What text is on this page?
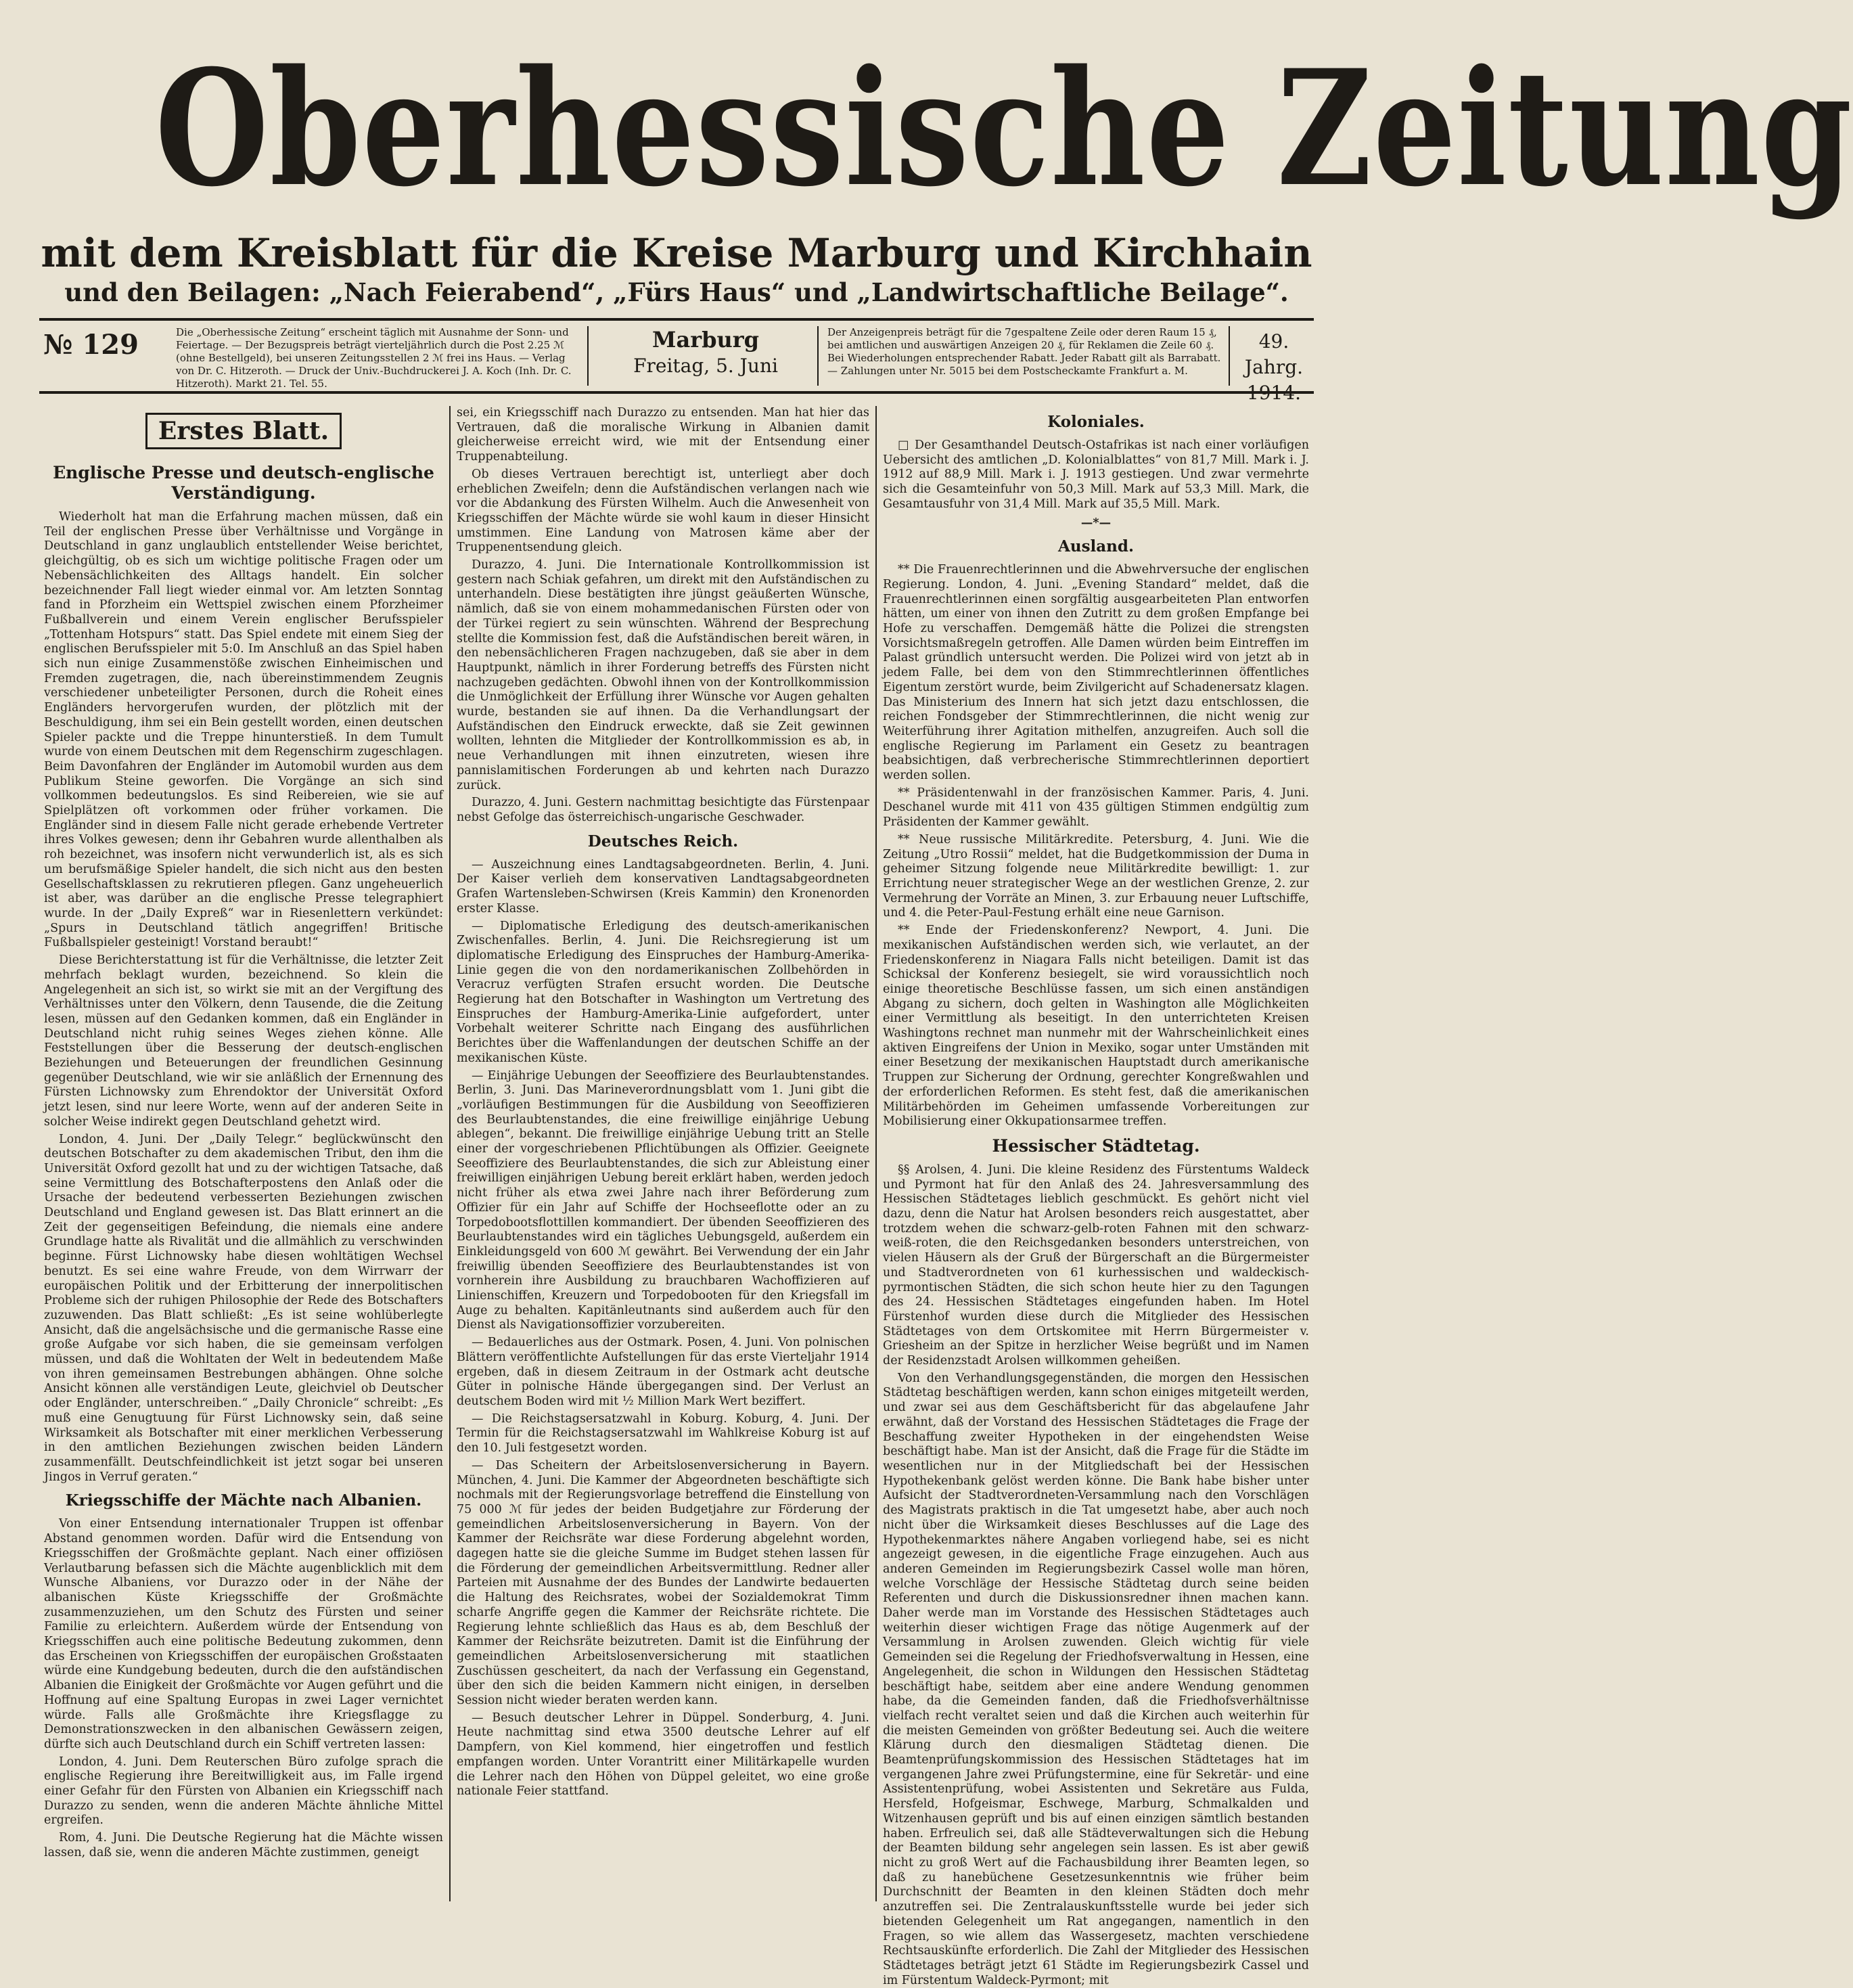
Oberhessische Zeitung
mit dem Kreisblatt für die Kreise Marburg und Kirchhain
und den Beilagen: „Nach Feierabend“, „Fürs Haus“ und „Landwirtschaftliche Beilage“.
№ 129	Die „Oberhessische Zeitung“ erscheint täglich mit Ausnahme der Sonn- und Feiertage. — Der Bezugspreis beträgt vierteljährlich durch die Post 2.25 ℳ (ohne Bestellgeld), bei unseren Zeitungsstellen 2 ℳ frei ins Haus. — Verlag von Dr. C. Hitzeroth. — Druck der Univ.-Buchdruckerei J. A. Koch (Inh. Dr. C. Hitzeroth). Markt 21. Tel. 55.
Marburg
Freitag, 5. Juni
Der Anzeigenpreis beträgt für die 7gespaltene Zeile oder deren Raum 15 ₰, bei amtlichen und auswärtigen Anzeigen 20 ₰, für Reklamen die Zeile 60 ₰. Bei Wiederholungen entsprechender Rabatt. Jeder Rabatt gilt als Barrabatt. — Zahlungen unter Nr. 5015 bei dem Postscheckamte Frankfurt a. M.
49. Jahrg.
1914.
Erstes Blatt.
Englische Presse und deutsch-englische Verständigung.

Wiederholt hat man die Erfahrung machen müssen, daß ein Teil der englischen Presse über Verhältnisse und Vorgänge in Deutschland in ganz unglaublich entstellender Weise berichtet, gleichgültig, ob es sich um wichtige politische Fragen oder um Nebensächlichkeiten des Alltags handelt. Ein solcher bezeichnender Fall liegt wieder einmal vor. Am letzten Sonntag fand in Pforzheim ein Wettspiel zwischen einem Pforzheimer Fußballverein und einem Verein englischer Berufsspieler „Tottenham Hotspurs“ statt. Das Spiel endete mit einem Sieg der englischen Berufsspieler mit 5:0. Im Anschluß an das Spiel haben sich nun einige Zusammenstöße zwischen Einheimischen und Fremden zugetragen, die, nach übereinstimmendem Zeugnis verschiedener unbeteiligter Personen, durch die Roheit eines Engländers hervorgerufen wurden, der plötzlich mit der Beschuldigung, ihm sei ein Bein gestellt worden, einen deutschen Spieler packte und die Treppe hinunterstieß. In dem Tumult wurde von einem Deutschen mit dem Regenschirm zugeschlagen. Beim Davonfahren der Engländer im Automobil wurden aus dem Publikum Steine geworfen. Die Vorgänge an sich sind vollkommen bedeutungslos. Es sind Reibereien, wie sie auf Spielplätzen oft vorkommen oder früher vorkamen. Die Engländer sind in diesem Falle nicht gerade erhebende Vertreter ihres Volkes gewesen; denn ihr Gebahren wurde allenthalben als roh bezeichnet, was insofern nicht verwunderlich ist, als es sich um berufsmäßige Spieler handelt, die sich nicht aus den besten Gesellschaftsklassen zu rekrutieren pflegen. Ganz ungeheuerlich ist aber, was darüber an die englische Presse telegraphiert wurde. In der „Daily Expreß“ war in Riesenlettern verkündet: „Spurs in Deutschland tätlich angegriffen! Britische Fußballspieler gesteinigt! Vorstand beraubt!“

Diese Berichterstattung ist für die Verhältnisse, die letzter Zeit mehrfach beklagt wurden, bezeichnend. So klein die Angelegenheit an sich ist, so wirkt sie mit an der Vergiftung des Verhältnisses unter den Völkern, denn Tausende, die die Zeitung lesen, müssen auf den Gedanken kommen, daß ein Engländer in Deutschland nicht ruhig seines Weges ziehen könne. Alle Feststellungen über die Besserung der deutsch-englischen Beziehungen und Beteuerungen der freundlichen Gesinnung gegenüber Deutschland, wie wir sie anläßlich der Ernennung des Fürsten Lichnowsky zum Ehrendoktor der Universität Oxford jetzt lesen, sind nur leere Worte, wenn auf der anderen Seite in solcher Weise indirekt gegen Deutschland gehetzt wird.

London, 4. Juni. Der „Daily Telegr.“ beglückwünscht den deutschen Botschafter zu dem akademischen Tribut, den ihm die Universität Oxford gezollt hat und zu der wichtigen Tatsache, daß seine Vermittlung des Botschafterpostens den Anlaß oder die Ursache der bedeutend verbesserten Beziehungen zwischen Deutschland und England gewesen ist. Das Blatt erinnert an die Zeit der gegenseitigen Befeindung, die niemals eine andere Grundlage hatte als Rivalität und die allmählich zu verschwinden beginne. Fürst Lichnowsky habe diesen wohltätigen Wechsel benutzt. Es sei eine wahre Freude, von dem Wirrwarr der europäischen Politik und der Erbitterung der innerpolitischen Probleme sich der ruhigen Philosophie der Rede des Botschafters zuzuwenden. Das Blatt schließt: „Es ist seine wohlüberlegte Ansicht, daß die angelsächsische und die germanische Rasse eine große Aufgabe vor sich haben, die sie gemeinsam verfolgen müssen, und daß die Wohltaten der Welt in bedeutendem Maße von ihren gemeinsamen Bestrebungen abhängen. Ohne solche Ansicht können alle verständigen Leute, gleichviel ob Deutscher oder Engländer, unterschreiben.“ „Daily Chronicle“ schreibt: „Es muß eine Genugtuung für Fürst Lichnowsky sein, daß seine Wirksamkeit als Botschafter mit einer merklichen Verbesserung in den amtlichen Beziehungen zwischen beiden Ländern zusammenfällt. Deutschfeindlichkeit ist jetzt sogar bei unseren Jingos in Verruf geraten.“

Kriegsschiffe der Mächte nach Albanien.

Von einer Entsendung internationaler Truppen ist offenbar Abstand genommen worden. Dafür wird die Entsendung von Kriegsschiffen der Großmächte geplant. Nach einer offiziösen Verlautbarung befassen sich die Mächte augenblicklich mit dem Wunsche Albaniens, vor Durazzo oder in der Nähe der albanischen Küste Kriegsschiffe der Großmächte zusammenzuziehen, um den Schutz des Fürsten und seiner Familie zu erleichtern. Außerdem würde der Entsendung von Kriegsschiffen auch eine politische Bedeutung zukommen, denn das Erscheinen von Kriegsschiffen der europäischen Großstaaten würde eine Kundgebung bedeuten, durch die den aufständischen Albanien die Einigkeit der Großmächte vor Augen geführt und die Hoffnung auf eine Spaltung Europas in zwei Lager vernichtet würde. Falls alle Großmächte ihre Kriegsflagge zu Demonstrationszwecken in den albanischen Gewässern zeigen, dürfte sich auch Deutschland durch ein Schiff vertreten lassen:

London, 4. Juni. Dem Reuterschen Büro zufolge sprach die englische Regierung ihre Bereitwilligkeit aus, im Falle irgend einer Gefahr für den Fürsten von Albanien ein Kriegsschiff nach Durazzo zu senden, wenn die anderen Mächte ähnliche Mittel ergreifen.

Rom, 4. Juni. Die Deutsche Regierung hat die Mächte wissen lassen, daß sie, wenn die anderen Mächte zustimmen, geneigt

sei, ein Kriegsschiff nach Durazzo zu entsenden. Man hat hier das Vertrauen, daß die moralische Wirkung in Albanien damit gleicherweise erreicht wird, wie mit der Entsendung einer Truppenabteilung.

Ob dieses Vertrauen berechtigt ist, unterliegt aber doch erheblichen Zweifeln; denn die Aufständischen verlangen nach wie vor die Abdankung des Fürsten Wilhelm. Auch die Anwesenheit von Kriegsschiffen der Mächte würde sie wohl kaum in dieser Hinsicht umstimmen. Eine Landung von Matrosen käme aber der Truppenentsendung gleich.

Durazzo, 4. Juni. Die Internationale Kontrollkommission ist gestern nach Schiak gefahren, um direkt mit den Aufständischen zu unterhandeln. Diese bestätigten ihre jüngst geäußerten Wünsche, nämlich, daß sie von einem mohammedanischen Fürsten oder von der Türkei regiert zu sein wünschten. Während der Besprechung stellte die Kommission fest, daß die Aufständischen bereit wären, in den nebensächlicheren Fragen nachzugeben, daß sie aber in dem Hauptpunkt, nämlich in ihrer Forderung betreffs des Fürsten nicht nachzugeben gedächten. Obwohl ihnen von der Kontrollkommission die Unmöglichkeit der Erfüllung ihrer Wünsche vor Augen gehalten wurde, bestanden sie auf ihnen. Da die Verhandlungsart der Aufständischen den Eindruck erweckte, daß sie Zeit gewinnen wollten, lehnten die Mitglieder der Kontrollkommission es ab, in neue Verhandlungen mit ihnen einzutreten, wiesen ihre pannislamitischen Forderungen ab und kehrten nach Durazzo zurück.

Durazzo, 4. Juni. Gestern nachmittag besichtigte das Fürstenpaar nebst Gefolge das österreichisch-ungarische Geschwader.

Deutsches Reich.

— Auszeichnung eines Landtagsabgeordneten. Berlin, 4. Juni. Der Kaiser verlieh dem konservativen Landtagsabgeordneten Grafen Wartensleben-Schwirsen (Kreis Kammin) den Kronenorden erster Klasse.

— Diplomatische Erledigung des deutsch-amerikanischen Zwischenfalles. Berlin, 4. Juni. Die Reichsregierung ist um diplomatische Erledigung des Einspruches der Hamburg-Amerika-Linie gegen die von den nordamerikanischen Zollbehörden in Veracruz verfügten Strafen ersucht worden. Die Deutsche Regierung hat den Botschafter in Washington um Vertretung des Einspruches der Hamburg-Amerika-Linie aufgefordert, unter Vorbehalt weiterer Schritte nach Eingang des ausführlichen Berichtes über die Waffenlandungen der deutschen Schiffe an der mexikanischen Küste.

— Einjährige Uebungen der Seeoffiziere des Beurlaubtenstandes. Berlin, 3. Juni. Das Marineverordnungsblatt vom 1. Juni gibt die „vorläufigen Bestimmungen für die Ausbildung von Seeoffizieren des Beurlaubtenstandes, die eine freiwillige einjährige Uebung ablegen“, bekannt. Die freiwillige einjährige Uebung tritt an Stelle einer der vorgeschriebenen Pflichtübungen als Offizier. Geeignete Seeoffiziere des Beurlaubtenstandes, die sich zur Ableistung einer freiwilligen einjährigen Uebung bereit erklärt haben, werden jedoch nicht früher als etwa zwei Jahre nach ihrer Beförderung zum Offizier für ein Jahr auf Schiffe der Hochseeflotte oder an zu Torpedobootsflottillen kommandiert. Der übenden Seeoffizieren des Beurlaubtenstandes wird ein tägliches Uebungsgeld, außerdem ein Einkleidungsgeld von 600 ℳ gewährt. Bei Verwendung der ein Jahr freiwillig übenden Seeoffiziere des Beurlaubtenstandes ist von vornherein ihre Ausbildung zu brauchbaren Wachoffizieren auf Linienschiffen, Kreuzern und Torpedobooten für den Kriegsfall im Auge zu behalten. Kapitänleutnants sind außerdem auch für den Dienst als Navigationsoffizier vorzubereiten.

— Bedauerliches aus der Ostmark. Posen, 4. Juni. Von polnischen Blättern veröffentlichte Aufstellungen für das erste Vierteljahr 1914 ergeben, daß in diesem Zeitraum in der Ostmark acht deutsche Güter in polnische Hände übergegangen sind. Der Verlust an deutschem Boden wird mit ½ Million Mark Wert beziffert.

— Die Reichstagsersatzwahl in Koburg. Koburg, 4. Juni. Der Termin für die Reichstagsersatzwahl im Wahlkreise Koburg ist auf den 10. Juli festgesetzt worden.

— Das Scheitern der Arbeitslosenversicherung in Bayern. München, 4. Juni. Die Kammer der Abgeordneten beschäftigte sich nochmals mit der Regierungsvorlage betreffend die Einstellung von 75 000 ℳ für jedes der beiden Budgetjahre zur Förderung der gemeindlichen Arbeitslosenversicherung in Bayern. Von der Kammer der Reichsräte war diese Forderung abgelehnt worden, dagegen hatte sie die gleiche Summe im Budget stehen lassen für die Förderung der gemeindlichen Arbeitsvermittlung. Redner aller Parteien mit Ausnahme der des Bundes der Landwirte bedauerten die Haltung des Reichsrates, wobei der Sozialdemokrat Timm scharfe Angriffe gegen die Kammer der Reichsräte richtete. Die Regierung lehnte schließlich das Haus es ab, dem Beschluß der Kammer der Reichsräte beizutreten. Damit ist die Einführung der gemeindlichen Arbeitslosenversicherung mit staatlichen Zuschüssen gescheitert, da nach der Verfassung ein Gegenstand, über den sich die beiden Kammern nicht einigen, in derselben Session nicht wieder beraten werden kann.

— Besuch deutscher Lehrer in Düppel. Sonderburg, 4. Juni. Heute nachmittag sind etwa 3500 deutsche Lehrer auf elf Dampfern, von Kiel kommend, hier eingetroffen und festlich empfangen worden. Unter Vorantritt einer Militärkapelle wurden die Lehrer nach den Höhen von Düppel geleitet, wo eine große nationale Feier stattfand.

Koloniales.

□ Der Gesamthandel Deutsch-Ostafrikas ist nach einer vorläufigen Uebersicht des amtlichen „D. Kolonialblattes“ von 81,7 Mill. Mark i. J. 1912 auf 88,9 Mill. Mark i. J. 1913 gestiegen. Und zwar vermehrte sich die Gesamteinfuhr von 50,3 Mill. Mark auf 53,3 Mill. Mark, die Gesamtausfuhr von 31,4 Mill. Mark auf 35,5 Mill. Mark.

—*—
Ausland.

** Die Frauenrechtlerinnen und die Abwehrversuche der englischen Regierung. London, 4. Juni. „Evening Standard“ meldet, daß die Frauenrechtlerinnen einen sorgfältig ausgearbeiteten Plan entworfen hätten, um einer von ihnen den Zutritt zu dem großen Empfange bei Hofe zu verschaffen. Demgemäß hätte die Polizei die strengsten Vorsichtsmaßregeln getroffen. Alle Damen würden beim Eintreffen im Palast gründlich untersucht werden. Die Polizei wird von jetzt ab in jedem Falle, bei dem von den Stimmrechtlerinnen öffentliches Eigentum zerstört wurde, beim Zivilgericht auf Schadenersatz klagen. Das Ministerium des Innern hat sich jetzt dazu entschlossen, die reichen Fondsgeber der Stimmrechtlerinnen, die nicht wenig zur Weiterführung ihrer Agitation mithelfen, anzugreifen. Auch soll die englische Regierung im Parlament ein Gesetz zu beantragen beabsichtigen, daß verbrecherische Stimmrechtlerinnen deportiert werden sollen.

** Präsidentenwahl in der französischen Kammer. Paris, 4. Juni. Deschanel wurde mit 411 von 435 gültigen Stimmen endgültig zum Präsidenten der Kammer gewählt.

** Neue russische Militärkredite. Petersburg, 4. Juni. Wie die Zeitung „Utro Rossii“ meldet, hat die Budgetkommission der Duma in geheimer Sitzung folgende neue Militärkredite bewilligt: 1. zur Errichtung neuer strategischer Wege an der westlichen Grenze, 2. zur Vermehrung der Vorräte an Minen, 3. zur Erbauung neuer Luftschiffe, und 4. die Peter-Paul-Festung erhält eine neue Garnison.

** Ende der Friedenskonferenz? Newport, 4. Juni. Die mexikanischen Aufständischen werden sich, wie verlautet, an der Friedenskonferenz in Niagara Falls nicht beteiligen. Damit ist das Schicksal der Konferenz besiegelt, sie wird voraussichtlich noch einige theoretische Beschlüsse fassen, um sich einen anständigen Abgang zu sichern, doch gelten in Washington alle Möglichkeiten einer Vermittlung als beseitigt. In den unterrichteten Kreisen Washingtons rechnet man nunmehr mit der Wahrscheinlichkeit eines aktiven Eingreifens der Union in Mexiko, sogar unter Umständen mit einer Besetzung der mexikanischen Hauptstadt durch amerikanische Truppen zur Sicherung der Ordnung, gerechter Kongreßwahlen und der erforderlichen Reformen. Es steht fest, daß die amerikanischen Militärbehörden im Geheimen umfassende Vorbereitungen zur Mobilisierung einer Okkupationsarmee treffen.

Hessischer Städtetag.

§§ Arolsen, 4. Juni. Die kleine Residenz des Fürstentums Waldeck und Pyrmont hat für den Anlaß des 24. Jahresversammlung des Hessischen Städtetages lieblich geschmückt. Es gehört nicht viel dazu, denn die Natur hat Arolsen besonders reich ausgestattet, aber trotzdem wehen die schwarz-gelb-roten Fahnen mit den schwarz-weiß-roten, die den Reichsgedanken besonders unterstreichen, von vielen Häusern als der Gruß der Bürgerschaft an die Bürgermeister und Stadtverordneten von 61 kurhessischen und waldeckisch-pyrmontischen Städten, die sich schon heute hier zu den Tagungen des 24. Hessischen Städtetages eingefunden haben. Im Hotel Fürstenhof wurden diese durch die Mitglieder des Hessischen Städtetages von dem Ortskomitee mit Herrn Bürgermeister v. Griesheim an der Spitze in herzlicher Weise begrüßt und im Namen der Residenzstadt Arolsen willkommen geheißen.

Von den Verhandlungsgegenständen, die morgen den Hessischen Städtetag beschäftigen werden, kann schon einiges mitgeteilt werden, und zwar sei aus dem Geschäftsbericht für das abgelaufene Jahr erwähnt, daß der Vorstand des Hessischen Städtetages die Frage der Beschaffung zweiter Hypotheken in der eingehendsten Weise beschäftigt habe. Man ist der Ansicht, daß die Frage für die Städte im wesentlichen nur in der Mitgliedschaft bei der Hessischen Hypothekenbank gelöst werden könne. Die Bank habe bisher unter Aufsicht der Stadtverordneten-Versammlung nach den Vorschlägen des Magistrats praktisch in die Tat umgesetzt habe, aber auch noch nicht über die Wirksamkeit dieses Beschlusses auf die Lage des Hypothekenmarktes nähere Angaben vorliegend habe, sei es nicht angezeigt gewesen, in die eigentliche Frage einzugehen. Auch aus anderen Gemeinden im Regierungsbezirk Cassel wolle man hören, welche Vorschläge der Hessische Städtetag durch seine beiden Referenten und durch die Diskussionsredner ihnen machen kann. Daher werde man im Vorstande des Hessischen Städtetages auch weiterhin dieser wichtigen Frage das nötige Augenmerk auf der Versammlung in Arolsen zuwenden. Gleich wichtig für viele Gemeinden sei die Regelung der Friedhofsverwaltung in Hessen, eine Angelegenheit, die schon in Wildungen den Hessischen Städtetag beschäftigt habe, seitdem aber eine andere Wendung genommen habe, da die Gemeinden fanden, daß die Friedhofsverhältnisse vielfach recht veraltet seien und daß die Kirchen auch weiterhin für die meisten Gemeinden von größter Bedeutung sei. Auch die weitere Klärung durch den diesmaligen Städtetag dienen. Die Beamtenprüfungskommission des Hessischen Städtetages hat im vergangenen Jahre zwei Prüfungstermine, eine für Sekretär- und eine Assistentenprüfung, wobei Assistenten und Sekretäre aus Fulda, Hersfeld, Hofgeismar, Eschwege, Marburg, Schmalkalden und Witzenhausen geprüft und bis auf einen einzigen sämtlich bestanden haben. Erfreulich sei, daß alle Städteverwaltungen sich die Hebung der Beamten bildung sehr angelegen sein lassen. Es ist aber gewiß nicht zu groß Wert auf die Fachausbildung ihrer Beamten legen, so daß zu hanebüchene Gesetzesunkenntnis wie früher beim Durchschnitt der Beamten in den kleinen Städten doch mehr anzutreffen sei. Die Zentralauskunftsstelle wurde bei jeder sich bietenden Gelegenheit um Rat angegangen, namentlich in den Fragen, so wie allem das Wassergesetz, machten verschiedene Rechtsauskünfte erforderlich. Die Zahl der Mitglieder des Hessischen Städtetages beträgt jetzt 61 Städte im Regierungsbezirk Cassel und im Fürstentum Waldeck-Pyrmont; mit
